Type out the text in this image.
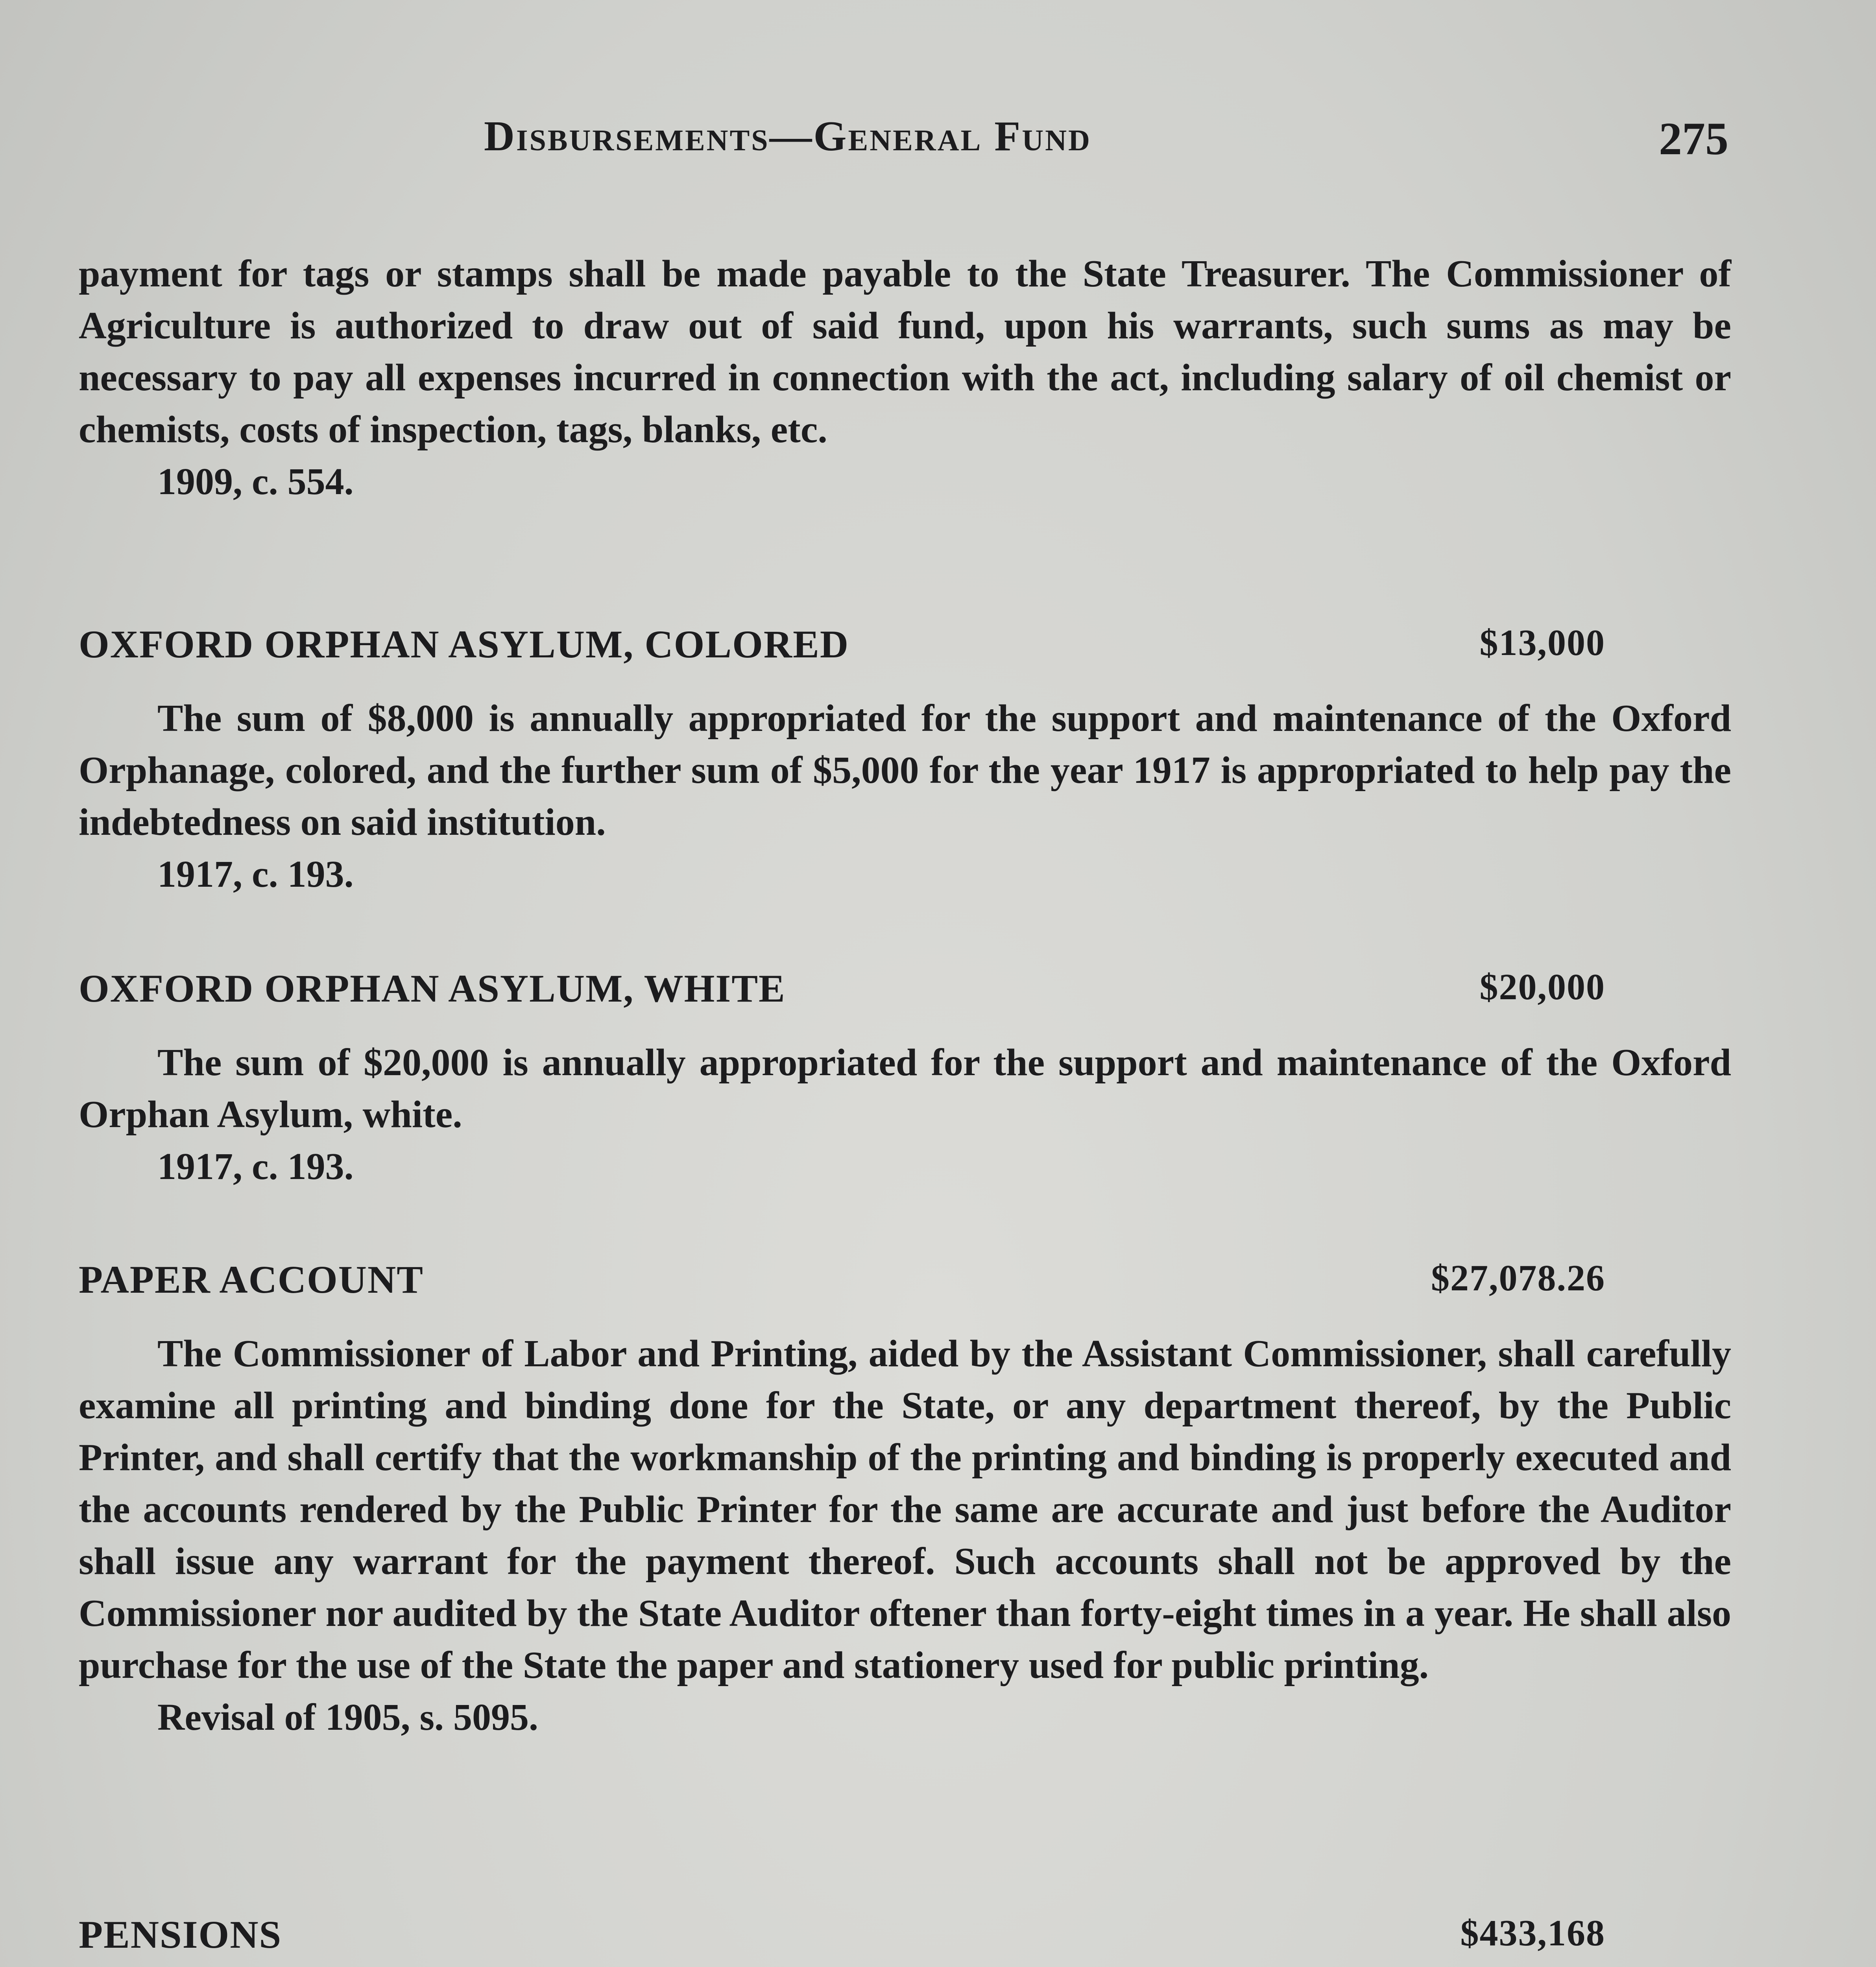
Disbursements—General Fund	275

payment for tags or stamps shall be made payable to the State Treasurer. The Commissioner of Agriculture is authorized to draw out of said fund, upon his warrants, such sums as may be necessary to pay all expenses incurred in connection with the act, including salary of oil chemist or chemists, costs of inspection, tags, blanks, etc.

1909, c. 554.

OXFORD ORPHAN ASYLUM, COLORED	$13,000

The sum of $8,000 is annually appropriated for the support and maintenance of the Oxford Orphanage, colored, and the further sum of $5,000 for the year 1917 is appropriated to help pay the indebtedness on said institution.

1917, c. 193.

OXFORD ORPHAN ASYLUM, WHITE	$20,000

The sum of $20,000 is annually appropriated for the support and maintenance of the Oxford Orphan Asylum, white.

1917, c. 193.

PAPER ACCOUNT	$27,078.26

The Commissioner of Labor and Printing, aided by the Assistant Commissioner, shall carefully examine all printing and binding done for the State, or any department thereof, by the Public Printer, and shall certify that the workmanship of the printing and binding is properly executed and the accounts rendered by the Public Printer for the same are accurate and just before the Auditor shall issue any warrant for the payment thereof. Such accounts shall not be approved by the Commissioner nor audited by the State Auditor oftener than forty-eight times in a year. He shall also purchase for the use of the State the paper and stationery used for public printing.

Revisal of 1905, s. 5095.

PENSIONS	$433,168
